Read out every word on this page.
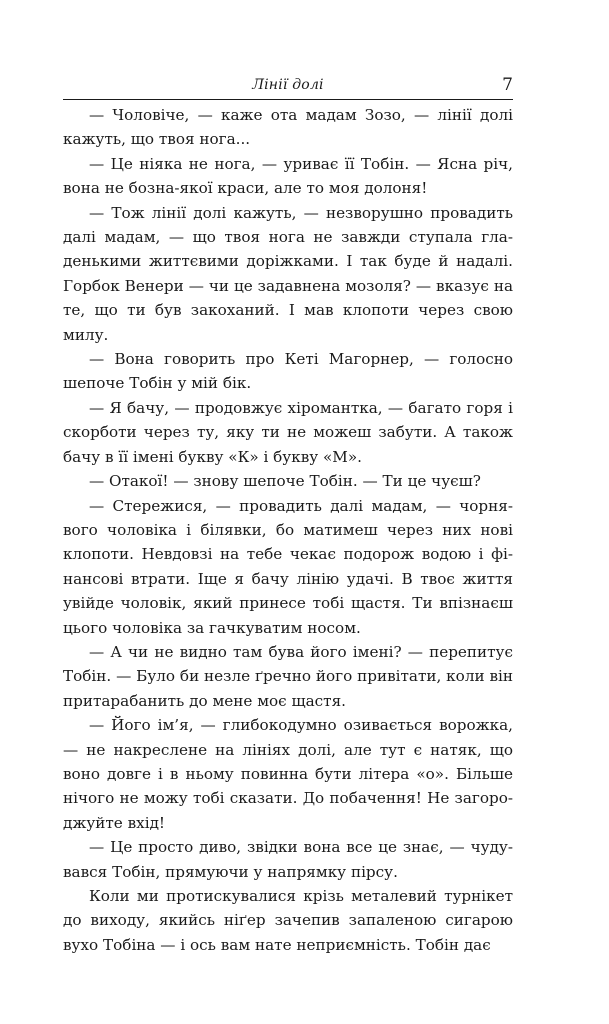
Лінії долі	7

— Чоловіче, — каже ота мадам Зозо, — лінії долі кажуть, що твоя нога...

— Це ніяка не нога, — уриває її Тобін. — Ясна річ, вона не бозна-якої краси, але то моя долоня!

— Тож лінії долі кажуть, — незворушно провадить далі мадам, — що твоя нога не завжди ступала гладенькими життєвими доріжками. І так буде й надалі. Горбок Венери — чи це задавнена мозоля? — вказує на те, що ти був закоханий. І мав клопоти через свою милу.

— Вона говорить про Кеті Магорнер, — голосно шепоче Тобін у мій бік.

— Я бачу, — продовжує хіромантка, — багато горя і скорботи через ту, яку ти не можеш забути. А також бачу в її імені букву «К» і букву «М».

— Отакої! — знову шепоче Тобін. — Ти це чуєш?

— Стережися, — провадить далі мадам, — чорнявого чоловіка і білявки, бо матимеш через них нові клопоти. Невдовзі на тебе чекає подорож водою і фінансові втрати. Іще я бачу лінію удачі. В твоє життя увійде чоловік, який принесе тобі щастя. Ти впізнаєш цього чоловіка за гачкуватим носом.

— А чи не видно там бува його імені? — перепитує Тобін. — Було би незле ґречно його привітати, коли він притарабанить до мене моє щастя.

— Його ім’я, — глибокодумно озивається ворожка, — не накреслене на лініях долі, але тут є натяк, що воно довге і в ньому повинна бути літера «о». Більше нічого не можу тобі сказати. До побачення! Не загороджуйте вхід!

— Це просто диво, звідки вона все це знає, — чудувався Тобін, прямуючи у напрямку пірсу.

Коли ми протискувалися крізь металевий турнікет до виходу, якийсь ніґер зачепив запаленою сигарою вухо Тобіна — і ось вам нате неприємність. Тобін дає
